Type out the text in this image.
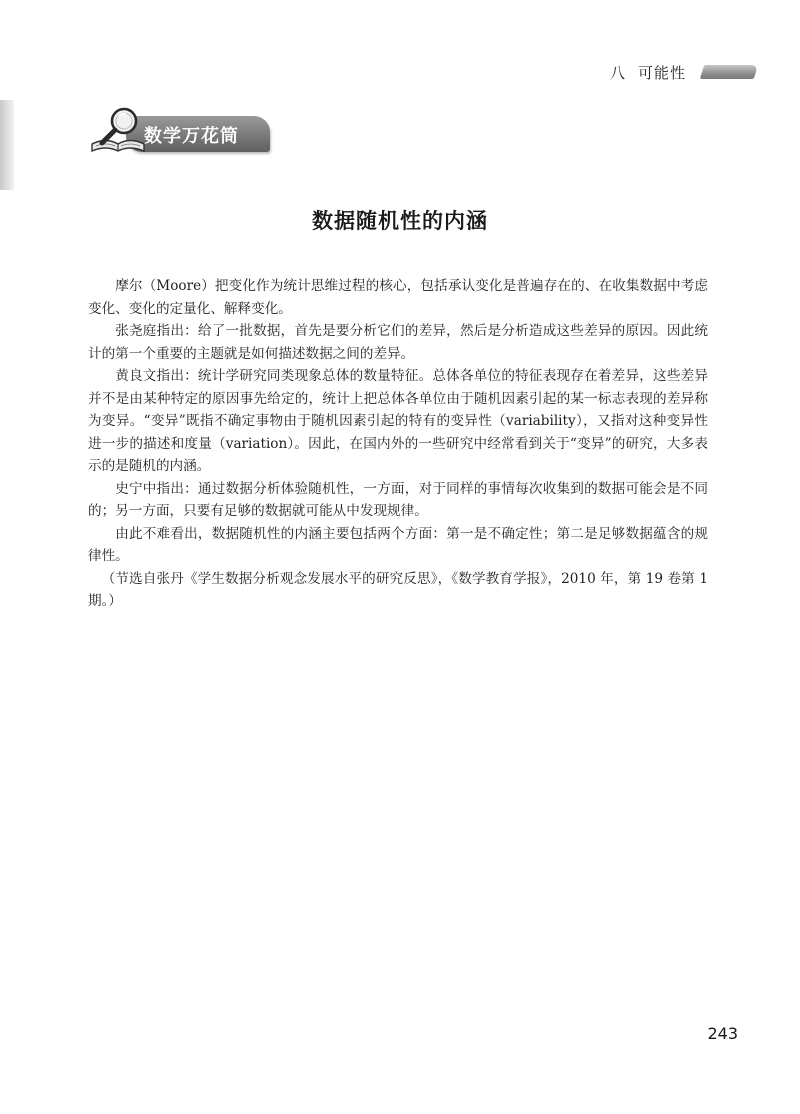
八 可能性
数学万花筒
数据随机性的内涵

摩尔（Moore）把变化作为统计思维过程的核心，包括承认变化是普遍存在的、在收集数据中考虑变化、变化的定量化、解释变化。

张尧庭指出：给了一批数据，首先是要分析它们的差异，然后是分析造成这些差异的原因。因此统计的第一个重要的主题就是如何描述数据之间的差异。

黄良文指出：统计学研究同类现象总体的数量特征。总体各单位的特征表现存在着差异，这些差异并不是由某种特定的原因事先给定的，统计上把总体各单位由于随机因素引起的某一标志表现的差异称为变异。“变异”既指不确定事物由于随机因素引起的特有的变异性（variability），又指对这种变异性进一步的描述和度量（variation）。因此，在国内外的一些研究中经常看到关于“变异”的研究，大多表示的是随机的内涵。

史宁中指出：通过数据分析体验随机性，一方面，对于同样的事情每次收集到的数据可能会是不同的；另一方面，只要有足够的数据就可能从中发现规律。

由此不难看出，数据随机性的内涵主要包括两个方面：第一是不确定性；第二是足够数据蕴含的规律性。

（节选自张丹《学生数据分析观念发展水平的研究反思》，《数学教育学报》，2010 年，第 19 卷第 1 期。）

243
